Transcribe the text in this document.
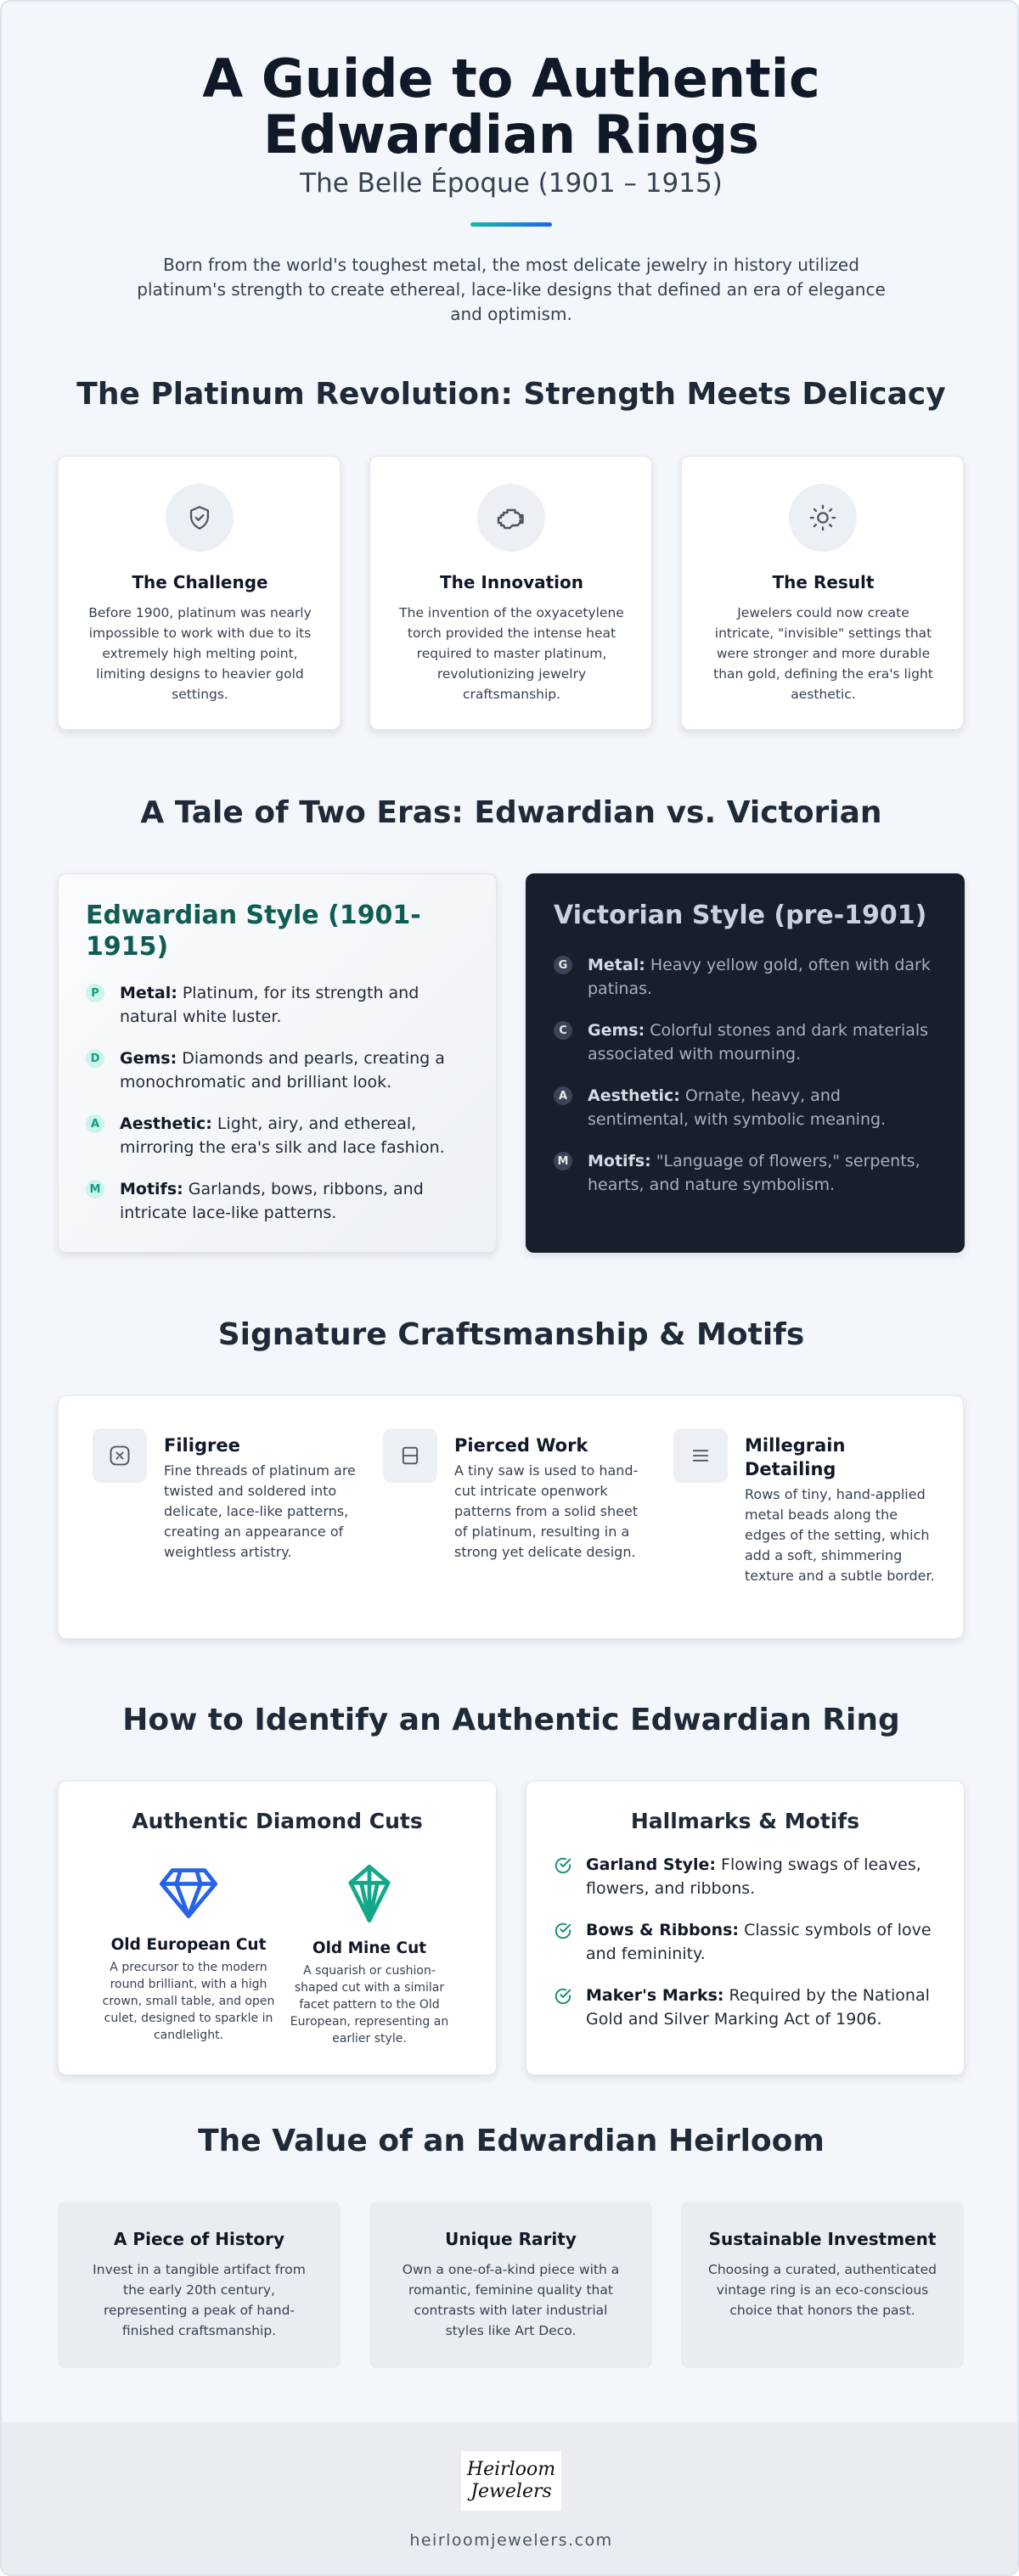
A Guide to Authentic Edwardian Rings
The Belle Époque (1901 – 1915)

Born from the world's toughest metal, the most delicate jewelry in history utilized platinum's strength to create ethereal, lace-like designs that defined an era of elegance and optimism.

The Platinum Revolution: Strength Meets Delicacy
The Challenge

Before 1900, platinum was nearly impossible to work with due to its extremely high melting point, limiting designs to heavier gold settings.

The Innovation

The invention of the oxyacetylene torch provided the intense heat required to master platinum, revolutionizing jewelry craftsmanship.

The Result

Jewelers could now create intricate, "invisible" settings that were stronger and more durable than gold, defining the era's light aesthetic.

A Tale of Two Eras: Edwardian vs. Victorian
Edwardian Style (1901-1915)
P	Metal: Platinum, for its strength and natural white luster.
D Gems: Diamonds and pearls, creating a monochromatic and brilliant look.
A	Aesthetic: Light, airy, and ethereal, mirroring the era's silk and lace fashion.
M Motifs: Garlands, bows, ribbons, and intricate lace-like patterns.
Victorian Style (pre-1901)
G Metal: Heavy yellow gold, often with dark patinas.
C	Gems: Colorful stones and dark materials associated with mourning.
A	Aesthetic: Ornate, heavy, and sentimental, with symbolic meaning.
M Motifs: "Language of flowers," serpents, hearts, and nature symbolism.
Signature Craftsmanship & Motifs
Filigree

Fine threads of platinum are twisted and soldered into delicate, lace-like patterns, creating an appearance of weightless artistry.

Pierced Work

A tiny saw is used to hand-cut intricate openwork patterns from a solid sheet of platinum, resulting in a strong yet delicate design.

Millegrain Detailing

Rows of tiny, hand-applied metal beads along the edges of the setting, which add a soft, shimmering texture and a subtle border.

How to Identify an Authentic Edwardian Ring
Authentic Diamond Cuts
Old European Cut

A precursor to the modern round brilliant, with a high crown, small table, and open culet, designed to sparkle in candlelight.

Old Mine Cut

A squarish or cushion-shaped cut with a similar facet pattern to the Old European, representing an earlier style.

Hallmarks & Motifs
Garland Style: Flowing swags of leaves, flowers, and ribbons.
Bows & Ribbons: Classic symbols of love and femininity.
Maker's Marks: Required by the National Gold and Silver Marking Act of 1906.
The Value of an Edwardian Heirloom
A Piece of History

Invest in a tangible artifact from the early 20th century, representing a peak of hand-finished craftsmanship.

Unique Rarity

Own a one-of-a-kind piece with a romantic, feminine quality that contrasts with later industrial styles like Art Deco.

Sustainable Investment

Choosing a curated, authenticated vintage ring is an eco-conscious choice that honors the past.

Heirloom
Jewelers
heirloomjewelers.com
